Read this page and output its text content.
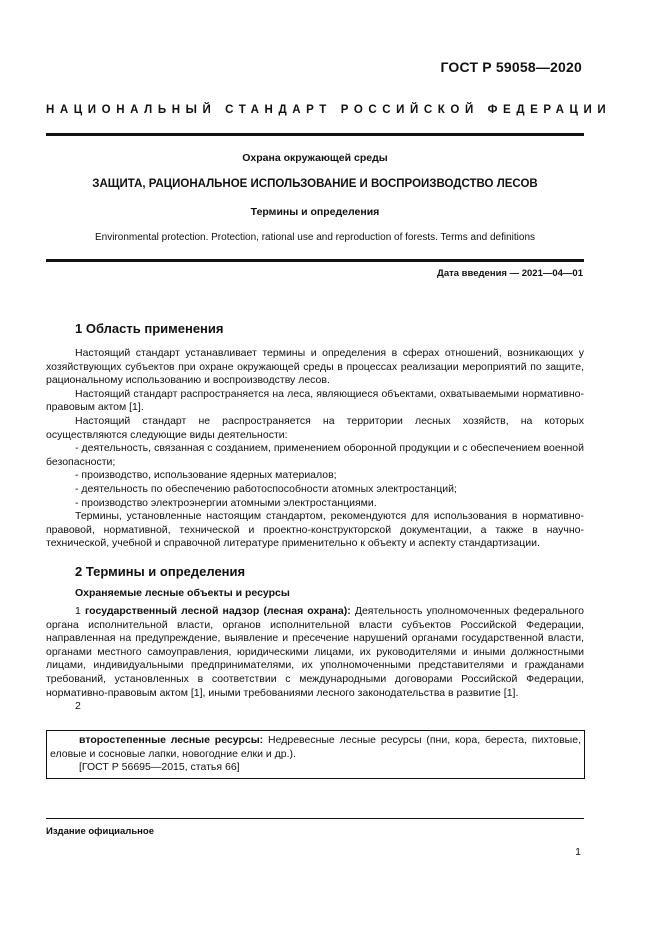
ГОСТ Р 59058—2020
НАЦИОНАЛЬНЫЙ СТАНДАРТ РОССИЙСКОЙ ФЕДЕРАЦИИ
Охрана окружающей среды
ЗАЩИТА, РАЦИОНАЛЬНОЕ ИСПОЛЬЗОВАНИЕ И ВОСПРОИЗВОДСТВО ЛЕСОВ
Термины и определения
Environmental protection. Protection, rational use and reproduction of forests. Terms and definitions
Дата введения — 2021—04—01
1 Область применения

Настоящий стандарт устанавливает термины и определения в сферах отношений, возникающих у хозяйствующих субъектов при охране окружающей среды в процессах реализации мероприятий по защите, рациональному использованию и воспроизводству лесов.

Настоящий стандарт распространяется на леса, являющиеся объектами, охватываемыми нормативно-правовым актом [1].

Настоящий стандарт не распространяется на территории лесных хозяйств, на которых осуществляются следующие виды деятельности:

- деятельность, связанная с созданием, применением оборонной продукции и с обеспечением военной безопасности;

- производство, использование ядерных материалов;

- деятельность по обеспечению работоспособности атомных электростанций;

- производство электроэнергии атомными электростанциями.

Термины, установленные настоящим стандартом, рекомендуются для использования в нормативно-правовой, нормативной, технической и проектно-конструкторской документации, а также в научно-технической, учебной и справочной литературе применительно к объекту и аспекту стандартизации.

2 Термины и определения
Охраняемые лесные объекты и ресурсы

1 государственный лесной надзор (лесная охрана): Деятельность уполномоченных федерального органа исполнительной власти, органов исполнительной власти субъектов Российской Федерации, направленная на предупреждение, выявление и пресечение нарушений органами государственной власти, органами местного самоуправления, юридическими лицами, их руководителями и иными должностными лицами, индивидуальными предпринимателями, их уполномоченными представителями и гражданами требований, установленных в соответствии с международными договорами Российской Федерации, нормативно-правовым актом [1], иными требованиями лесного законодательства в развитие [1].

2

второстепенные лесные ресурсы: Недревесные лесные ресурсы (пни, кора, береста, пихтовые, еловые и сосновые лапки, новогодние елки и др.).

[ГОСТ Р 56695—2015, статья 66]

Издание официальное
1
